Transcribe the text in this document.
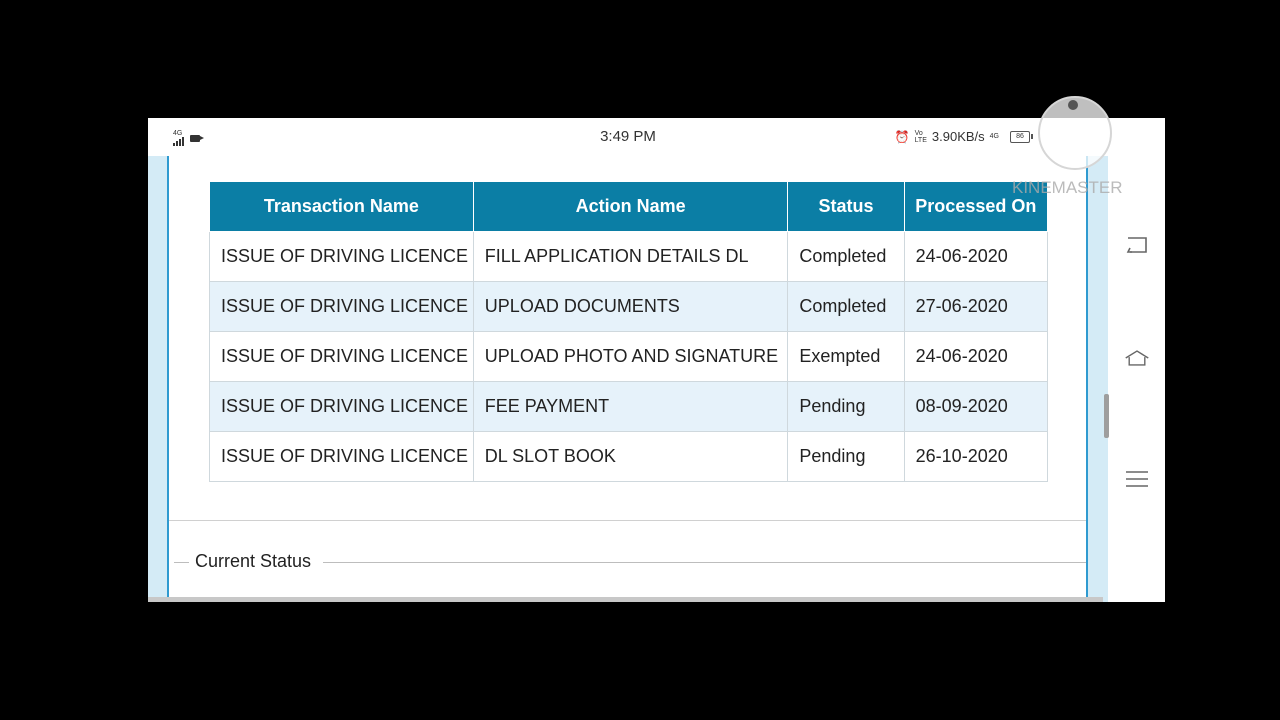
4G	3:49 PM	⏰ Vo
LTE 3.90KB/s 4G	86
Transaction Name	Action Name	Status	Processed On
ISSUE OF DRIVING LICENCE	FILL APPLICATION DETAILS DL	Completed	24-06-2020
ISSUE OF DRIVING LICENCE	UPLOAD DOCUMENTS	Completed	27-06-2020
ISSUE OF DRIVING LICENCE	UPLOAD PHOTO AND SIGNATURE	Exempted	24-06-2020
ISSUE OF DRIVING LICENCE	FEE PAYMENT	Pending	08-09-2020
ISSUE OF DRIVING LICENCE	DL SLOT BOOK	Pending	26-10-2020
Current Status
KINEMASTER
